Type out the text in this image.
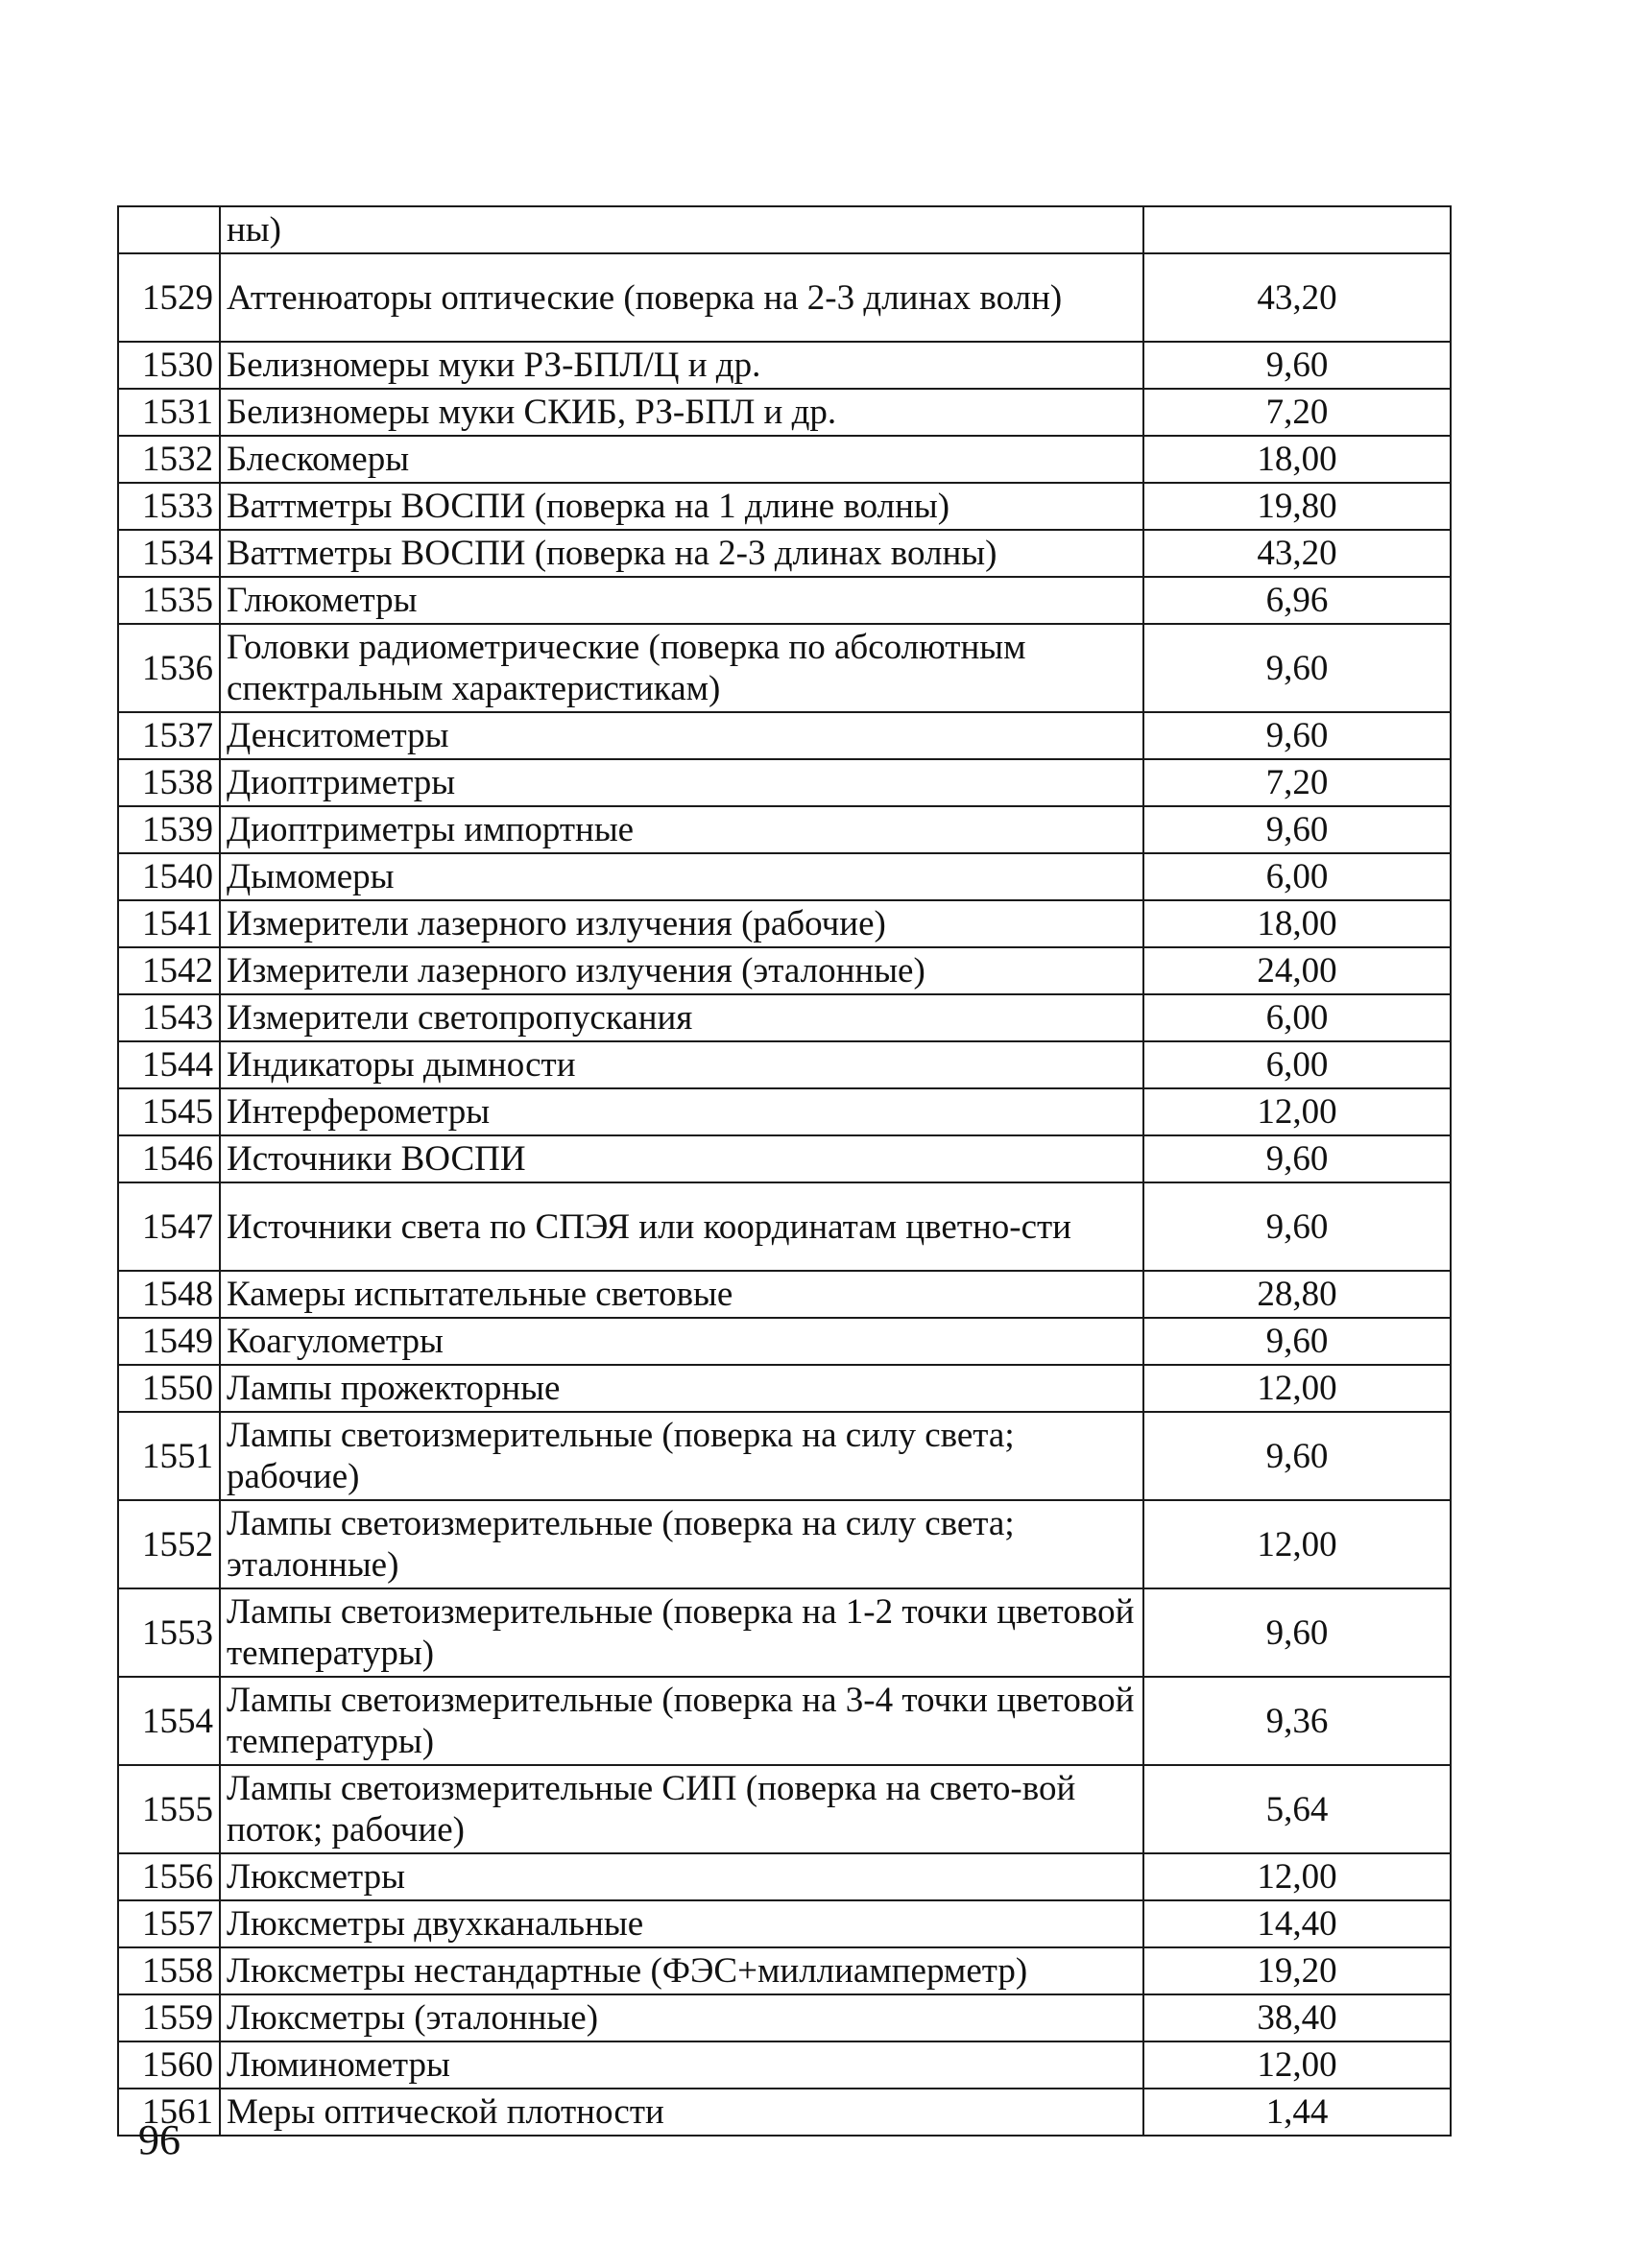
	ны)	
1529	Аттенюаторы оптические (поверка на 2-3 длинах волн)	43,20
1530	Белизномеры муки РЗ-БПЛ/Ц и др.	9,60
1531	Белизномеры муки СКИБ, РЗ-БПЛ и др.	7,20
1532	Блескомеры	18,00
1533	Ваттметры ВОСПИ (поверка на 1 длине волны)	19,80
1534	Ваттметры ВОСПИ (поверка на 2-3 длинах волны)	43,20
1535	Глюкометры	6,96
1536	Головки радиометрические (поверка по абсолютным спектральным характеристикам)	9,60
1537	Денситометры	9,60
1538	Диоптриметры	7,20
1539	Диоптриметры импортные	9,60
1540	Дымомеры	6,00
1541	Измерители лазерного излучения (рабочие)	18,00
1542	Измерители лазерного излучения (эталонные)	24,00
1543	Измерители светопропускания	6,00
1544	Индикаторы дымности	6,00
1545	Интерферометры	12,00
1546	Источники ВОСПИ	9,60
1547	Источники света по СПЭЯ или координатам цветно-сти	9,60
1548	Камеры испытательные световые	28,80
1549	Коагулометры	9,60
1550	Лампы прожекторные	12,00
1551	Лампы светоизмерительные (поверка на силу света; рабочие)	9,60
1552	Лампы светоизмерительные (поверка на силу света; эталонные)	12,00
1553	Лампы светоизмерительные (поверка на 1-2 точки цветовой температуры)	9,60
1554	Лампы светоизмерительные (поверка на 3-4 точки цветовой температуры)	9,36
1555	Лампы светоизмерительные СИП (поверка на свето-вой поток; рабочие)	5,64
1556	Люксметры	12,00
1557	Люксметры двухканальные	14,40
1558	Люксметры нестандартные (ФЭС+миллиамперметр)	19,20
1559	Люксметры (эталонные)	38,40
1560	Люминометры	12,00
1561	Меры оптической плотности	1,44
96
